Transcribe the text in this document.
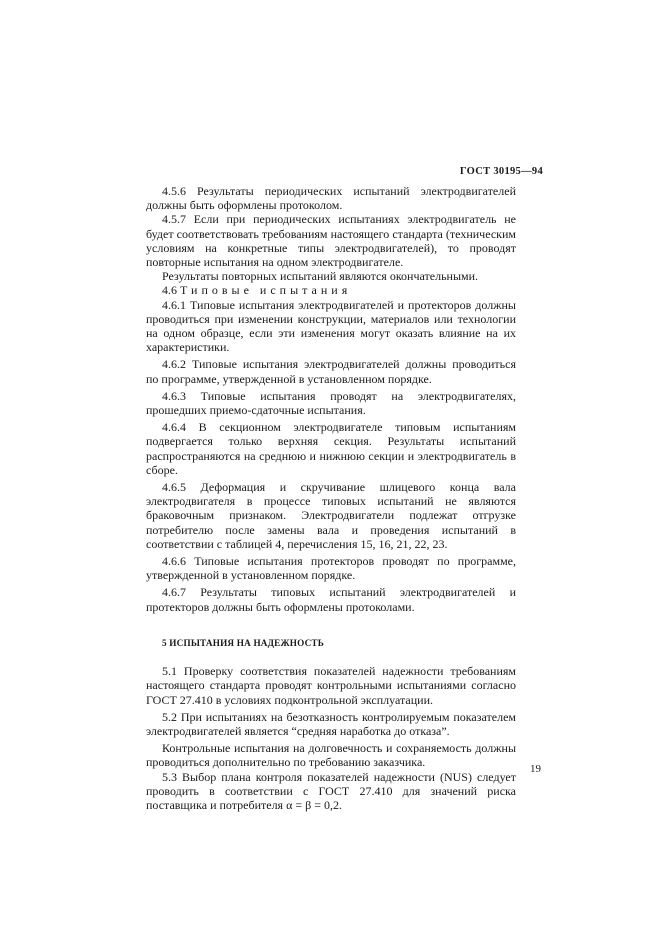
ГОСТ 30195—94

4.5.6 Результаты периодических испытаний электродвигателей должны быть оформлены протоколом.

4.5.7 Если при периодических испытаниях электродвигатель не будет соответствовать требованиям настоящего стандарта (техническим условиям на конкретные типы электродвигателей), то проводят повторные испытания на одном электродвигателе.

Результаты повторных испытаний являются окончательными.

4.6 Типовые испытания

4.6.1 Типовые испытания электродвигателей и протекторов должны проводиться при изменении конструкции, материалов или технологии на одном образце, если эти изменения могут оказать влияние на их характеристики.

4.6.2 Типовые испытания электродвигателей должны проводиться по программе, утвержденной в установленном порядке.

4.6.3 Типовые испытания проводят на электродвигателях, прошедших приемо-сдаточные испытания.

4.6.4 В секционном электродвигателе типовым испытаниям подвергается только верхняя секция. Результаты испытаний распространяются на среднюю и нижнюю секции и электродвигатель в сборе.

4.6.5 Деформация и скручивание шлицевого конца вала электродвигателя в процессе типовых испытаний не являются браковочным признаком. Электродвигатели подлежат отгрузке потребителю после замены вала и проведения испытаний в соответствии с таблицей 4, перечисления 15, 16, 21, 22, 23.

4.6.6 Типовые испытания протекторов проводят по программе, утвержденной в установленном порядке.

4.6.7 Результаты типовых испытаний электродвигателей и протекторов должны быть оформлены протоколами.

5 ИСПЫТАНИЯ НА НАДЕЖНОСТЬ

5.1 Проверку соответствия показателей надежности требованиям настоящего стандарта проводят контрольными испытаниями согласно ГОСТ 27.410 в условиях подконтрольной эксплуатации.

5.2 При испытаниях на безотказность контролируемым показателем электродвигателей является “средняя наработка до отказа”.

Контрольные испытания на долговечность и сохраняемость должны проводиться дополнительно по требованию заказчика.

5.3 Выбор плана контроля показателей надежности (NUS) следует проводить в соответствии с ГОСТ 27.410 для значений риска поставщика и потребителя α = β = 0,2.

19
